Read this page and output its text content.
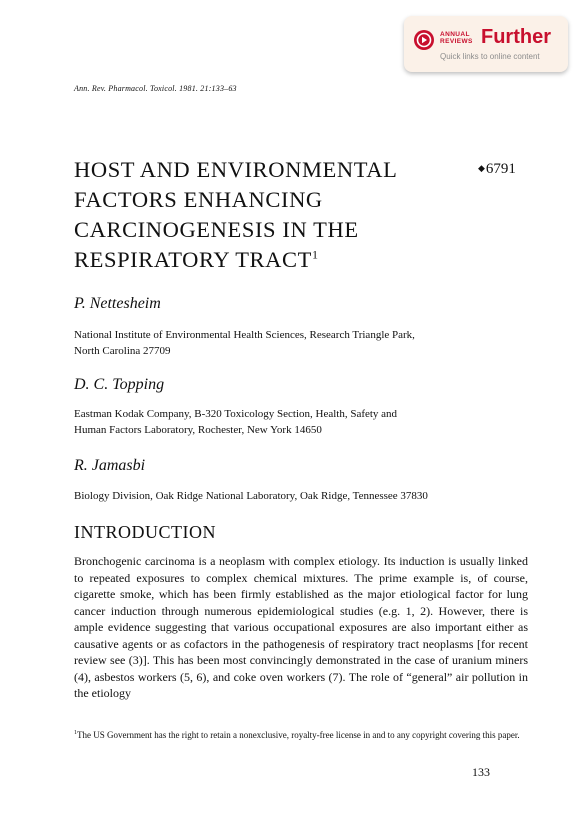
ANNUAL
REVIEWS Further
Quick links to online content
Ann. Rev. Pharmacol. Toxicol. 1981. 21:133–63
HOST AND ENVIRONMENTAL
FACTORS ENHANCING
CARCINOGENESIS IN THE
RESPIRATORY TRACT$^1$
◆6791
P. Nettesheim
National Institute of Environmental Health Sciences, Research Triangle Park,
North Carolina 27709
D. C. Topping
Eastman Kodak Company, B-320 Toxicology Section, Health, Safety and
Human Factors Laboratory, Rochester, New York 14650
R. Jamasbi
Biology Division, Oak Ridge National Laboratory, Oak Ridge, Tennessee 37830
INTRODUCTION

Bronchogenic carcinoma is a neoplasm with complex etiology. Its induction is usually linked to repeated exposures to complex chemical mixtures. The prime example is, of course, cigarette smoke, which has been firmly established as the major etiological factor for lung cancer induction through numerous epidemiological studies (e.g. 1, 2). However, there is ample evidence suggesting that various occupational exposures are also important either as causative agents or as cofactors in the pathogenesis of respiratory tract neoplasms [for recent review see (3)]. This has been most convincingly demonstrated in the case of uranium miners (4), asbestos workers (5, 6), and coke oven workers (7). The role of “general” air pollution in the etiology

$^1$The US Government has the right to retain a nonexclusive, royalty-free license in and to any copyright covering this paper.

133
